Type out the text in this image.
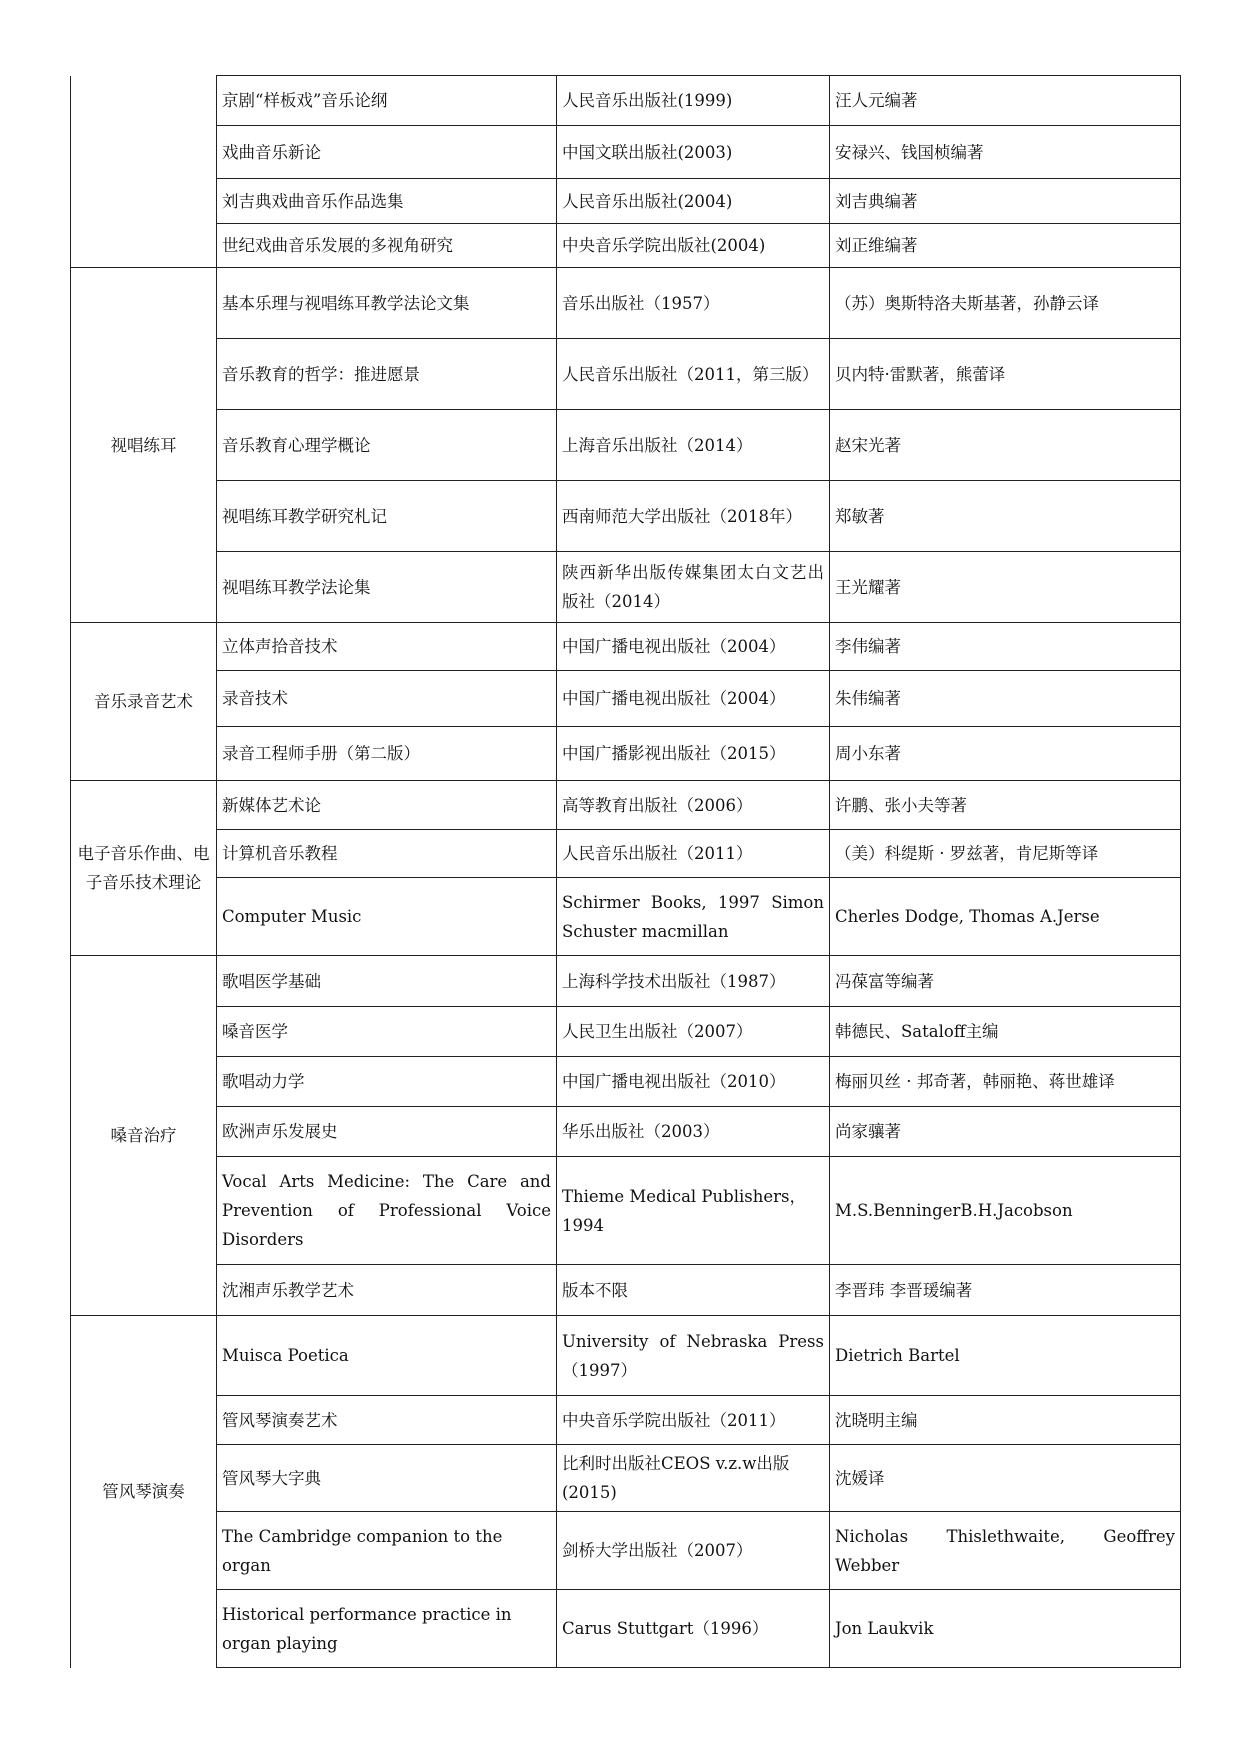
	京剧“样板戏”音乐论纲	人民音乐出版社(1999)	汪人元编著
	戏曲音乐新论	中国文联出版社(2003)	安禄兴、钱国桢编著
	刘吉典戏曲音乐作品选集	人民音乐出版社(2004)	刘吉典编著
	世纪戏曲音乐发展的多视角研究	中央音乐学院出版社(2004)	刘正维编著
视唱练耳	基本乐理与视唱练耳教学法论文集	音乐出版社（1957）	（苏）奥斯特洛夫斯基著，孙静云译
	音乐教育的哲学：推进愿景	人民音乐出版社（2011，第三版）	贝内特·雷默著，熊蕾译
	音乐教育心理学概论	上海音乐出版社（2014）	赵宋光著
	视唱练耳教学研究札记	西南师范大学出版社（2018年）	郑敏著
	视唱练耳教学法论集	陕西新华出版传媒集团太白文艺出版社（2014）	王光耀著
音乐录音艺术	立体声拾音技术	中国广播电视出版社（2004）	李伟编著
	录音技术	中国广播电视出版社（2004）	朱伟编著
	录音工程师手册（第二版）	中国广播影视出版社（2015）	周小东著
电子音乐作曲、电子音乐技术理论	新媒体艺术论	高等教育出版社（2006）	许鹏、张小夫等著
	计算机音乐教程	人民音乐出版社（2011）	（美）科缇斯 · 罗兹著，肯尼斯等译
	Computer Music	Schirmer Books, 1997 Simon Schuster macmillan	Cherles Dodge, Thomas A.Jerse
嗓音治疗	歌唱医学基础	上海科学技术出版社（1987）	冯葆富等编著
	嗓音医学	人民卫生出版社（2007）	韩德民、Sataloff主编
	歌唱动力学	中国广播电视出版社（2010）	梅丽贝丝 · 邦奇著，韩丽艳、蒋世雄译
	欧洲声乐发展史	华乐出版社（2003）	尚家骧著
	Vocal Arts Medicine: The Care and Prevention of Professional Voice Disorders	Thieme Medical Publishers，1994	M.S.BenningerB.H.Jacobson
	沈湘声乐教学艺术	版本不限	李晋玮 李晋瑗编著
管风琴演奏	Muisca Poetica	University of Nebraska Press（1997）	Dietrich Bartel
	管风琴演奏艺术	中央音乐学院出版社（2011）	沈晓明主编
	管风琴大字典	比利时出版社CEOS v.z.w出版(2015)	沈媛译
	The Cambridge companion to the organ	剑桥大学出版社（2007）	Nicholas Thislethwaite, Geoffrey Webber
	Historical performance practice in organ playing	Carus Stuttgart（1996）	Jon Laukvik
